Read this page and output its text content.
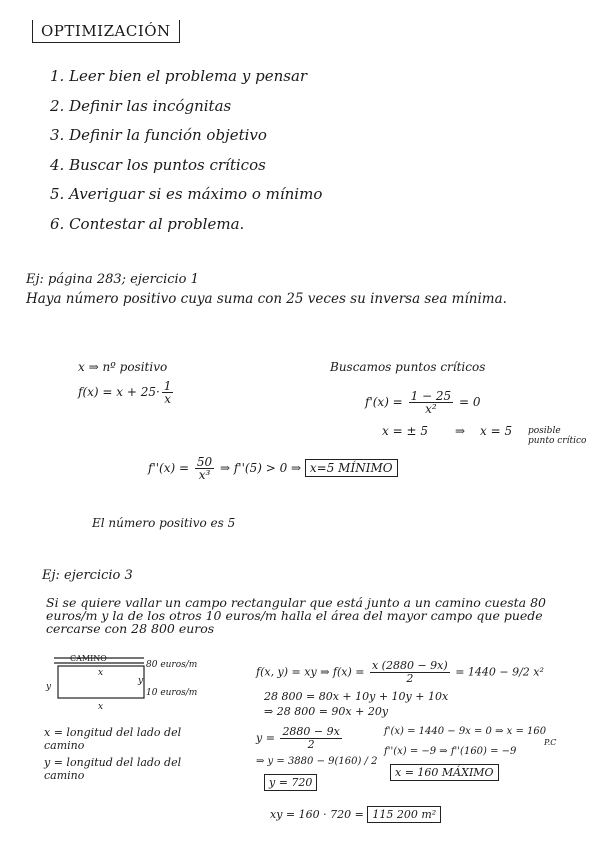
OPTIMIZACIÓN
1. Leer bien el problema y pensar
2. Definir las incógnitas
3. Definir la función objetivo
4. Buscar los puntos críticos
5. Averiguar si es máximo o mínimo
6. Contestar al problema.
Ej: página 283; ejercicio 1
Haya número positivo cuya suma con 25 veces su inversa sea mínima.
x ⇒ nº positivo
$f(x) = x + 25\cdot \frac{1}{x}$
Buscamos puntos críticos
$f'(x) = \frac{1 - 25}{\text{x²}} = 0$
x = ± 5 ⇒ x = 5 posible
punto crítico
$f''(x) = \frac{50}{\text{x³}}$ ⇒ f''(5) > 0 ⇒ x=5 MÍNIMO
El número positivo es 5
Ej: ejercicio 3
Si se quiere vallar un campo rectangular que está junto a un camino cuesta 80 euros/m y la de los otros 10 euros/m halla el área del mayor campo que puede cercarse con 28 800 euros
CAMINO
80 euros/m
10 euros/m
x
x
y
y
x = longitud del lado del camino
y = longitud del lado del camino
f(x, y) = xy ⇒ $f(x) = \frac{x (2880 - 9x)}{2} = 1440 - 9/2$ x²
28 800 = 80x + 10y + 10y + 10x
⇒ 28 800 = 90x + 20y
$y = \frac{2880 - 9x}{2}$
⇒ y = 3880 − 9(160) / 2
y = 720
f'(x) = 1440 − 9x = 0 ⇒ x = 160
P.C
f''(x) = −9 ⇒ f''(160) = −9
x = 160 MÁXIMO
xy = 160 · 720 = 115 200 m²
